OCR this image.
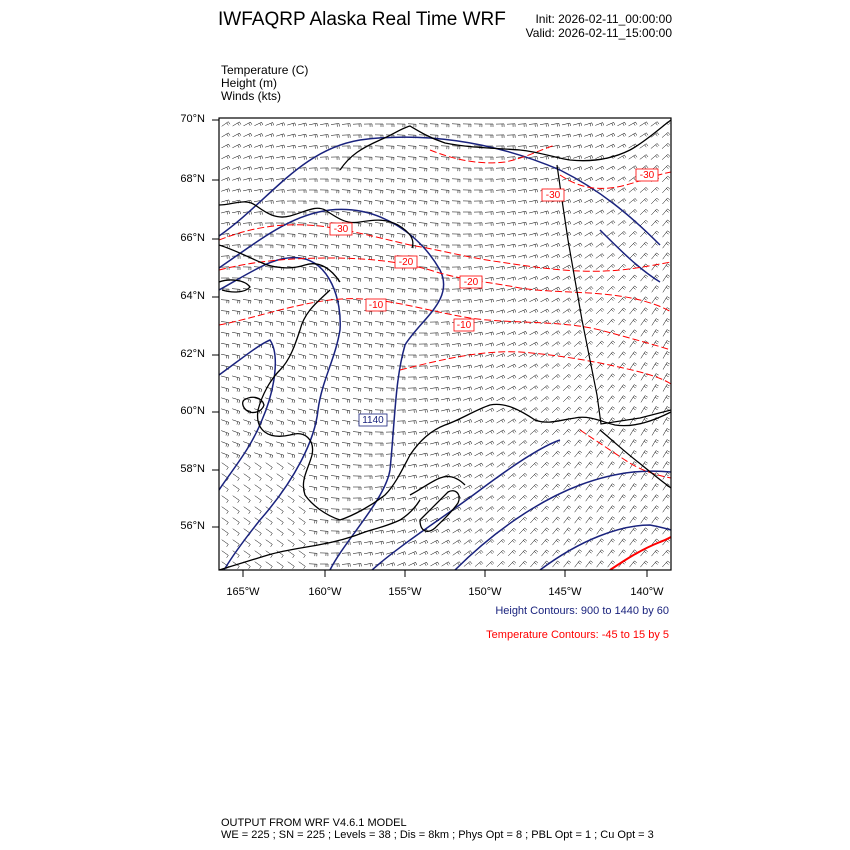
IWFAQRP Alaska Real Time WRF Init: 2026-02-11_00:00:00
Valid: 2026-02-11_15:00:00
Temperature (C)
Height (m)
Winds (kts)
1140
-30
-20
-20
-10
-30
-10
-30
70°N
68°N
66°N
64°N
62°N
60°N
58°N
56°N
165°W	160°W	155°W	150°W	145°W	140°W
Height Contours: 900 to 1440 by 60
Temperature Contours: -45 to 15 by 5
OUTPUT FROM WRF V4.6.1 MODEL
WE = 225 ; SN = 225 ; Levels = 38 ; Dis = 8km ; Phys Opt = 8 ; PBL Opt = 1 ; Cu Opt = 3
